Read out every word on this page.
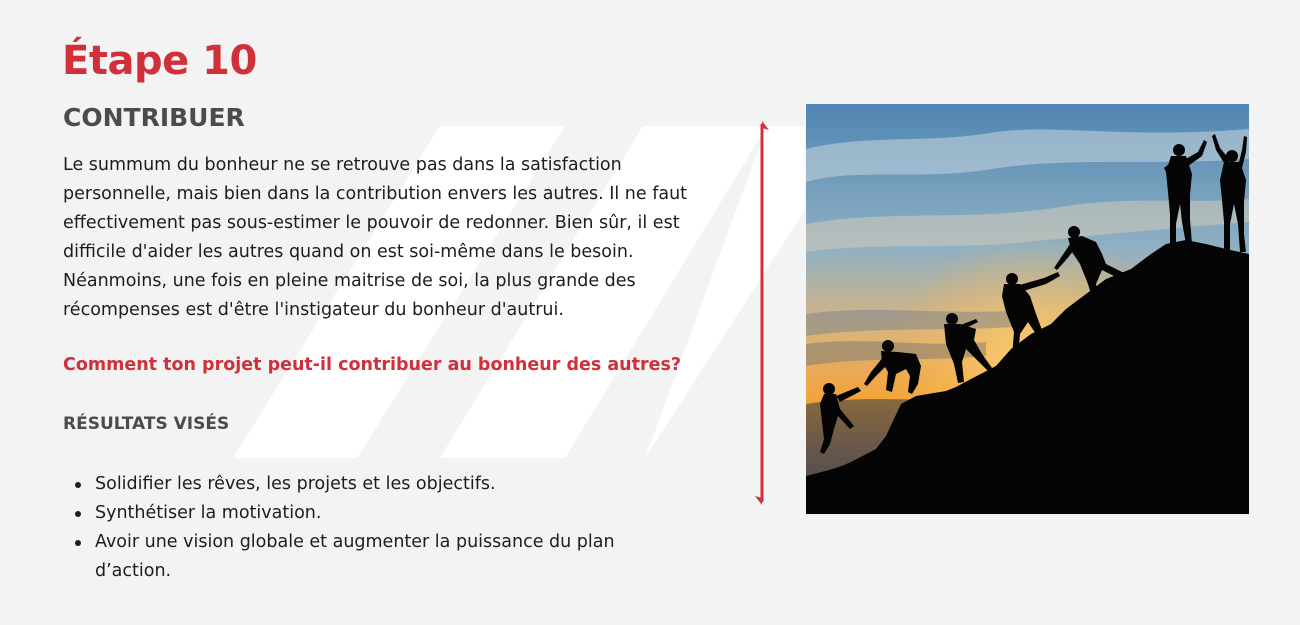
Étape 10
CONTRIBUER

Le summum du bonheur ne se retrouve pas dans la satisfaction personnelle, mais bien dans la contribution envers les autres. Il ne faut effectivement pas sous-estimer le pouvoir de redonner. Bien sûr, il est difficile d'aider les autres quand on est soi-même dans le besoin. Néanmoins, une fois en pleine maitrise de soi, la plus grande des récompenses est d'être l'instigateur du bonheur d'autrui.

Comment ton projet peut-il contribuer au bonheur des autres?

RÉSULTATS VISÉS
Solidifier les rêves, les projets et les objectifs.
Synthétiser la motivation.
Avoir une vision globale et augmenter la puissance du plan d’action.
